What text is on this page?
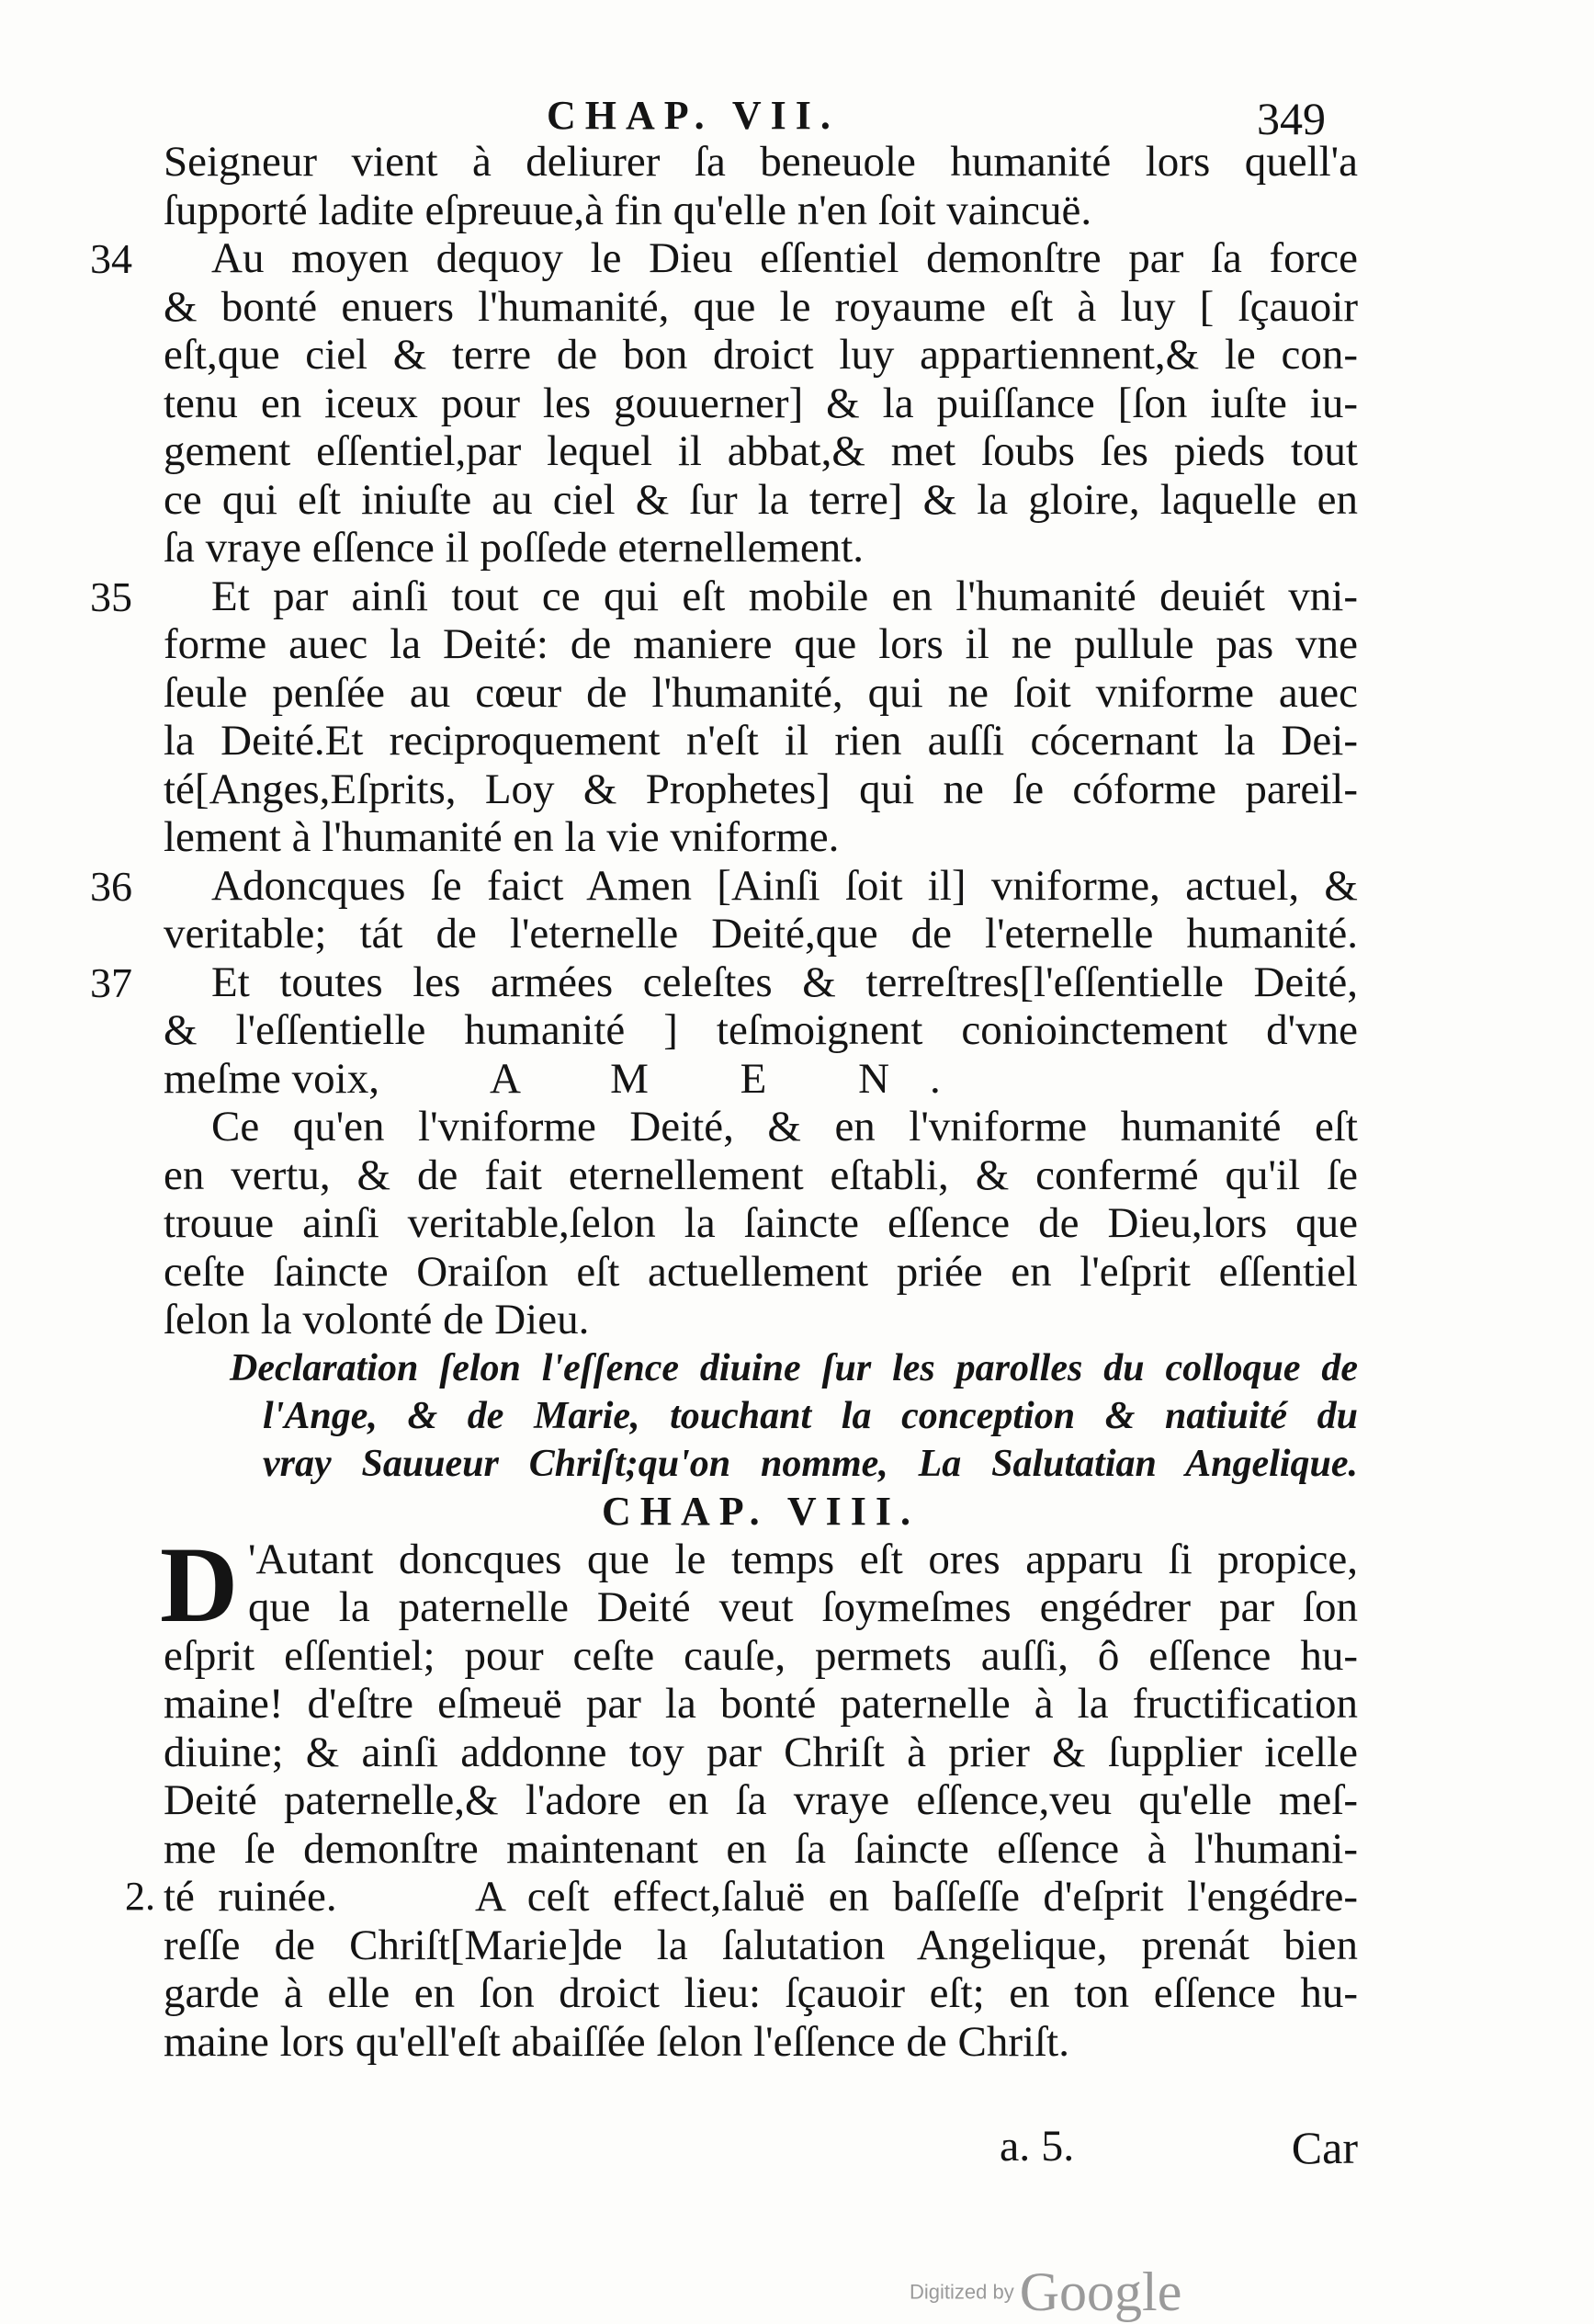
CHAP. VII.	349
Seigneur vient à deliurer ſa beneuole humanité lors quell'a
ſupporté ladite eſpreuue,à fin qu'elle n'en ſoit vaincuë.
34	Au moyen dequoy le Dieu eſſentiel demonſtre par ſa force
& bonté enuers l'humanité, que le royaume eſt à luy [ ſçauoir
eſt,que ciel & terre de bon droict luy appartiennent,& le con-
tenu en iceux pour les gouuerner] & la puiſſance [ſon iuſte iu-
gement eſſentiel,par lequel il abbat,& met ſoubs ſes pieds tout
ce qui eſt iniuſte au ciel & ſur la terre] & la gloire, laquelle en
ſa vraye eſſence il poſſede eternellement.
35	Et par ainſi tout ce qui eſt mobile en l'humanité deuiét vni-
forme auec la Deité: de maniere que lors il ne pullule pas vne
ſeule penſée au cœur de l'humanité, qui ne ſoit vniforme auec
la Deité.Et reciproquement n'eſt il rien auſſi cócernant la Dei-
té[Anges,Eſprits, Loy & Prophetes] qui ne ſe cóforme pareil-
lement à l'humanité en la vie vniforme.
36	Adoncques ſe faict Amen [Ainſi ſoit il] vniforme, actuel, &
veritable; tát de l'eternelle Deité,que de l'eternelle humanité.
37	Et toutes les armées celeſtes & terreſtres[l'eſſentielle Deité,
& l'eſſentielle humanité ] teſmoignent conioinctement d'vne
meſme voix,	A M E N.
Ce qu'en l'vniforme Deité, & en l'vniforme humanité eſt
en vertu, & de fait eternellement eſtabli, & confermé qu'il ſe
trouue ainſi veritable,ſelon la ſaincte eſſence de Dieu,lors que
ceſte ſaincte Oraiſon eſt actuellement priée en l'eſprit eſſentiel
ſelon la volonté de Dieu.
Declaration ſelon l'eſſence diuine ſur les parolles du colloque de
l'Ange, & de Marie, touchant la conception & natiuité du
vray Sauueur Chriſt;qu'on nomme, La Salutatian Angelique.
CHAP. VIII.
D 'Autant doncques que le temps eſt ores apparu ſi propice,
que la paternelle Deité veut ſoymeſmes engédrer par ſon
eſprit eſſentiel; pour ceſte cauſe, permets auſſi, ô eſſence hu-
maine! d'eſtre eſmeuë par la bonté paternelle à la fructification
diuine; & ainſi addonne toy par Chriſt à prier & ſupplier icelle
Deité paternelle,& l'adore en ſa vraye eſſence,veu qu'elle meſ-
me ſe demonſtre maintenant en ſa ſaincte eſſence à l'humani-
2. té ruinée.      A ceſt effect,ſaluë en baſſeſſe d'eſprit l'engédre-
reſſe de Chriſt[Marie]de la ſalutation Angelique, prenát bien
garde à elle en ſon droict lieu: ſçauoir eſt; en ton eſſence hu-
maine lors qu'ell'eſt abaiſſée ſelon l'eſſence de Chriſt.
a. 5.	Car
Digitized by Google
